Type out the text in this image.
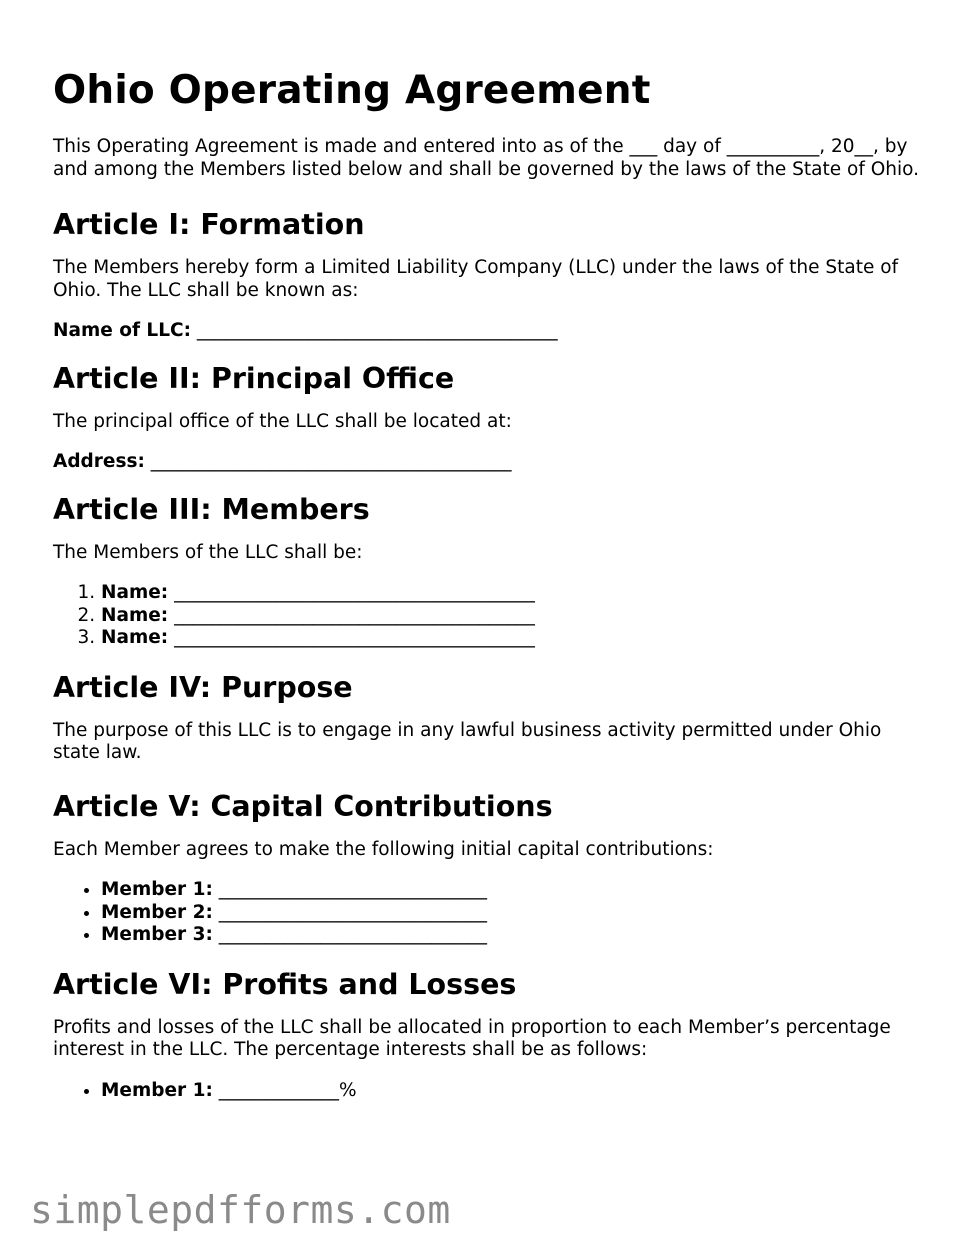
Ohio Operating Agreement

This Operating Agreement is made and entered into as of the ___ day of __________, 20__, by and among the Members listed below and shall be governed by the laws of the State of Ohio.

Article I: Formation

The Members hereby form a Limited Liability Company (LLC) under the laws of the State of Ohio. The LLC shall be known as:

Name of LLC: _______________________________________

Article II: Principal Office

The principal office of the LLC shall be located at:

Address: _______________________________________

Article III: Members

The Members of the LLC shall be:

1. Name: _______________________________________
2. Name: _______________________________________
3. Name: _______________________________________
Article IV: Purpose

The purpose of this LLC is to engage in any lawful business activity permitted under Ohio state law.

Article V: Capital Contributions

Each Member agrees to make the following initial capital contributions:

• Member 1: _____________________________
• Member 2: _____________________________
• Member 3: _____________________________
Article VI: Profits and Losses

Profits and losses of the LLC shall be allocated in proportion to each Member’s percentage interest in the LLC. The percentage interests shall be as follows:

• Member 1: _____________%
simplepdfforms.com
